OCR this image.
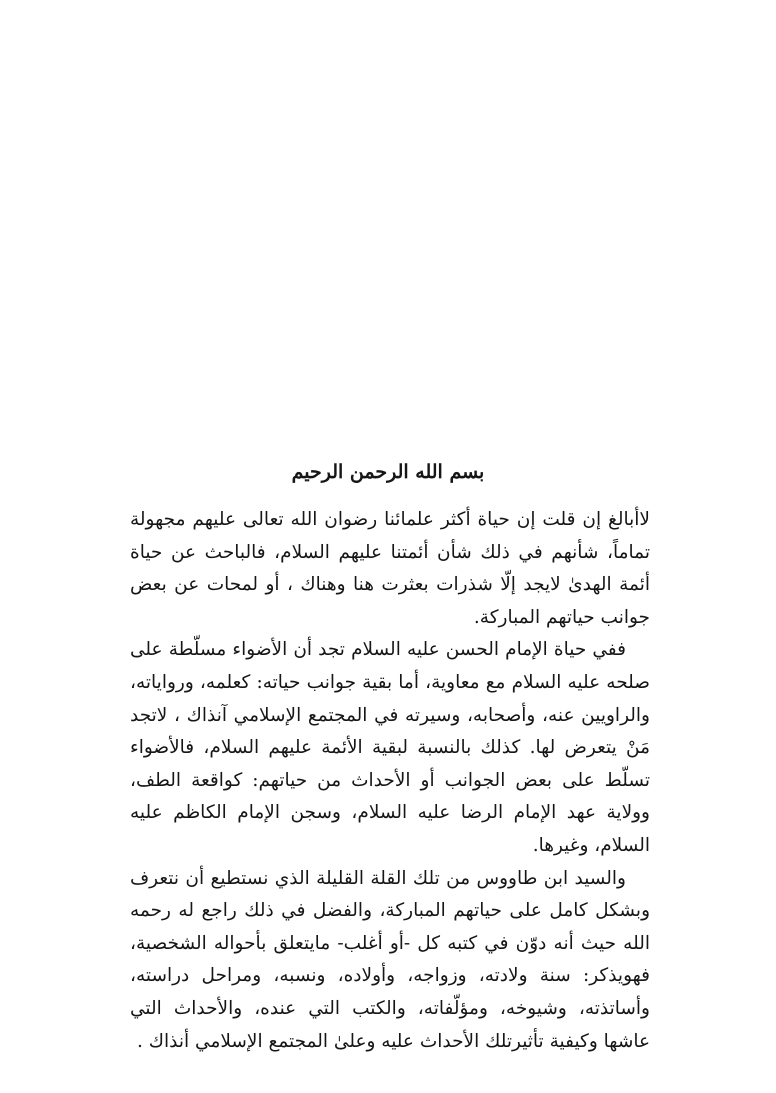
بسم الله الرحمن الرحيم

لاأبالغ إن قلت إن حياة أكثر علمائنا رضوان الله تعالى عليهم مجهولة تماماً، شأنهم في ذلك شأن أئمتنا عليهم السلام، فالباحث عن حياة أئمة الهدىٰ لايجد إلّا شذرات بعثرت هنا وهناك ، أو لمحات عن بعض جوانب حياتهم المباركة.

ففي حياة الإمام الحسن عليه السلام تجد أن الأضواء مسلّطة على صلحه عليه السلام مع معاوية، أما بقية جوانب حياته: كعلمه، ورواياته، والراويين عنه، وأصحابه، وسيرته في المجتمع الإسلامي آنذاك ، لاتجد مَنْ يتعرض لها. كذلك بالنسبة لبقية الأئمة عليهم السلام، فالأضواء تسلّط على بعض الجوانب أو الأحداث من حياتهم: كواقعة الطف، وولاية عهد الإمام الرضا عليه السلام، وسجن الإمام الكاظم عليه السلام، وغيرها.

والسيد ابن طاووس من تلك القلة القليلة الذي نستطيع أن نتعرف وبشكل كامل على حياتهم المباركة، والفضل في ذلك راجع له رحمه الله حيث أنه دوّن في كتبه كل -أو أغلب- مايتعلق بأحواله الشخصية، فهويذكر: سنة ولادته، وزواجه، وأولاده، ونسبه، ومراحل دراسته، وأساتذته، وشيوخه، ومؤلّفاته، والكتب التي عنده، والأحداث التي عاشها وكيفية تأثيرتلك الأحداث عليه وعلىٰ المجتمع الإسلامي أنذاك .
